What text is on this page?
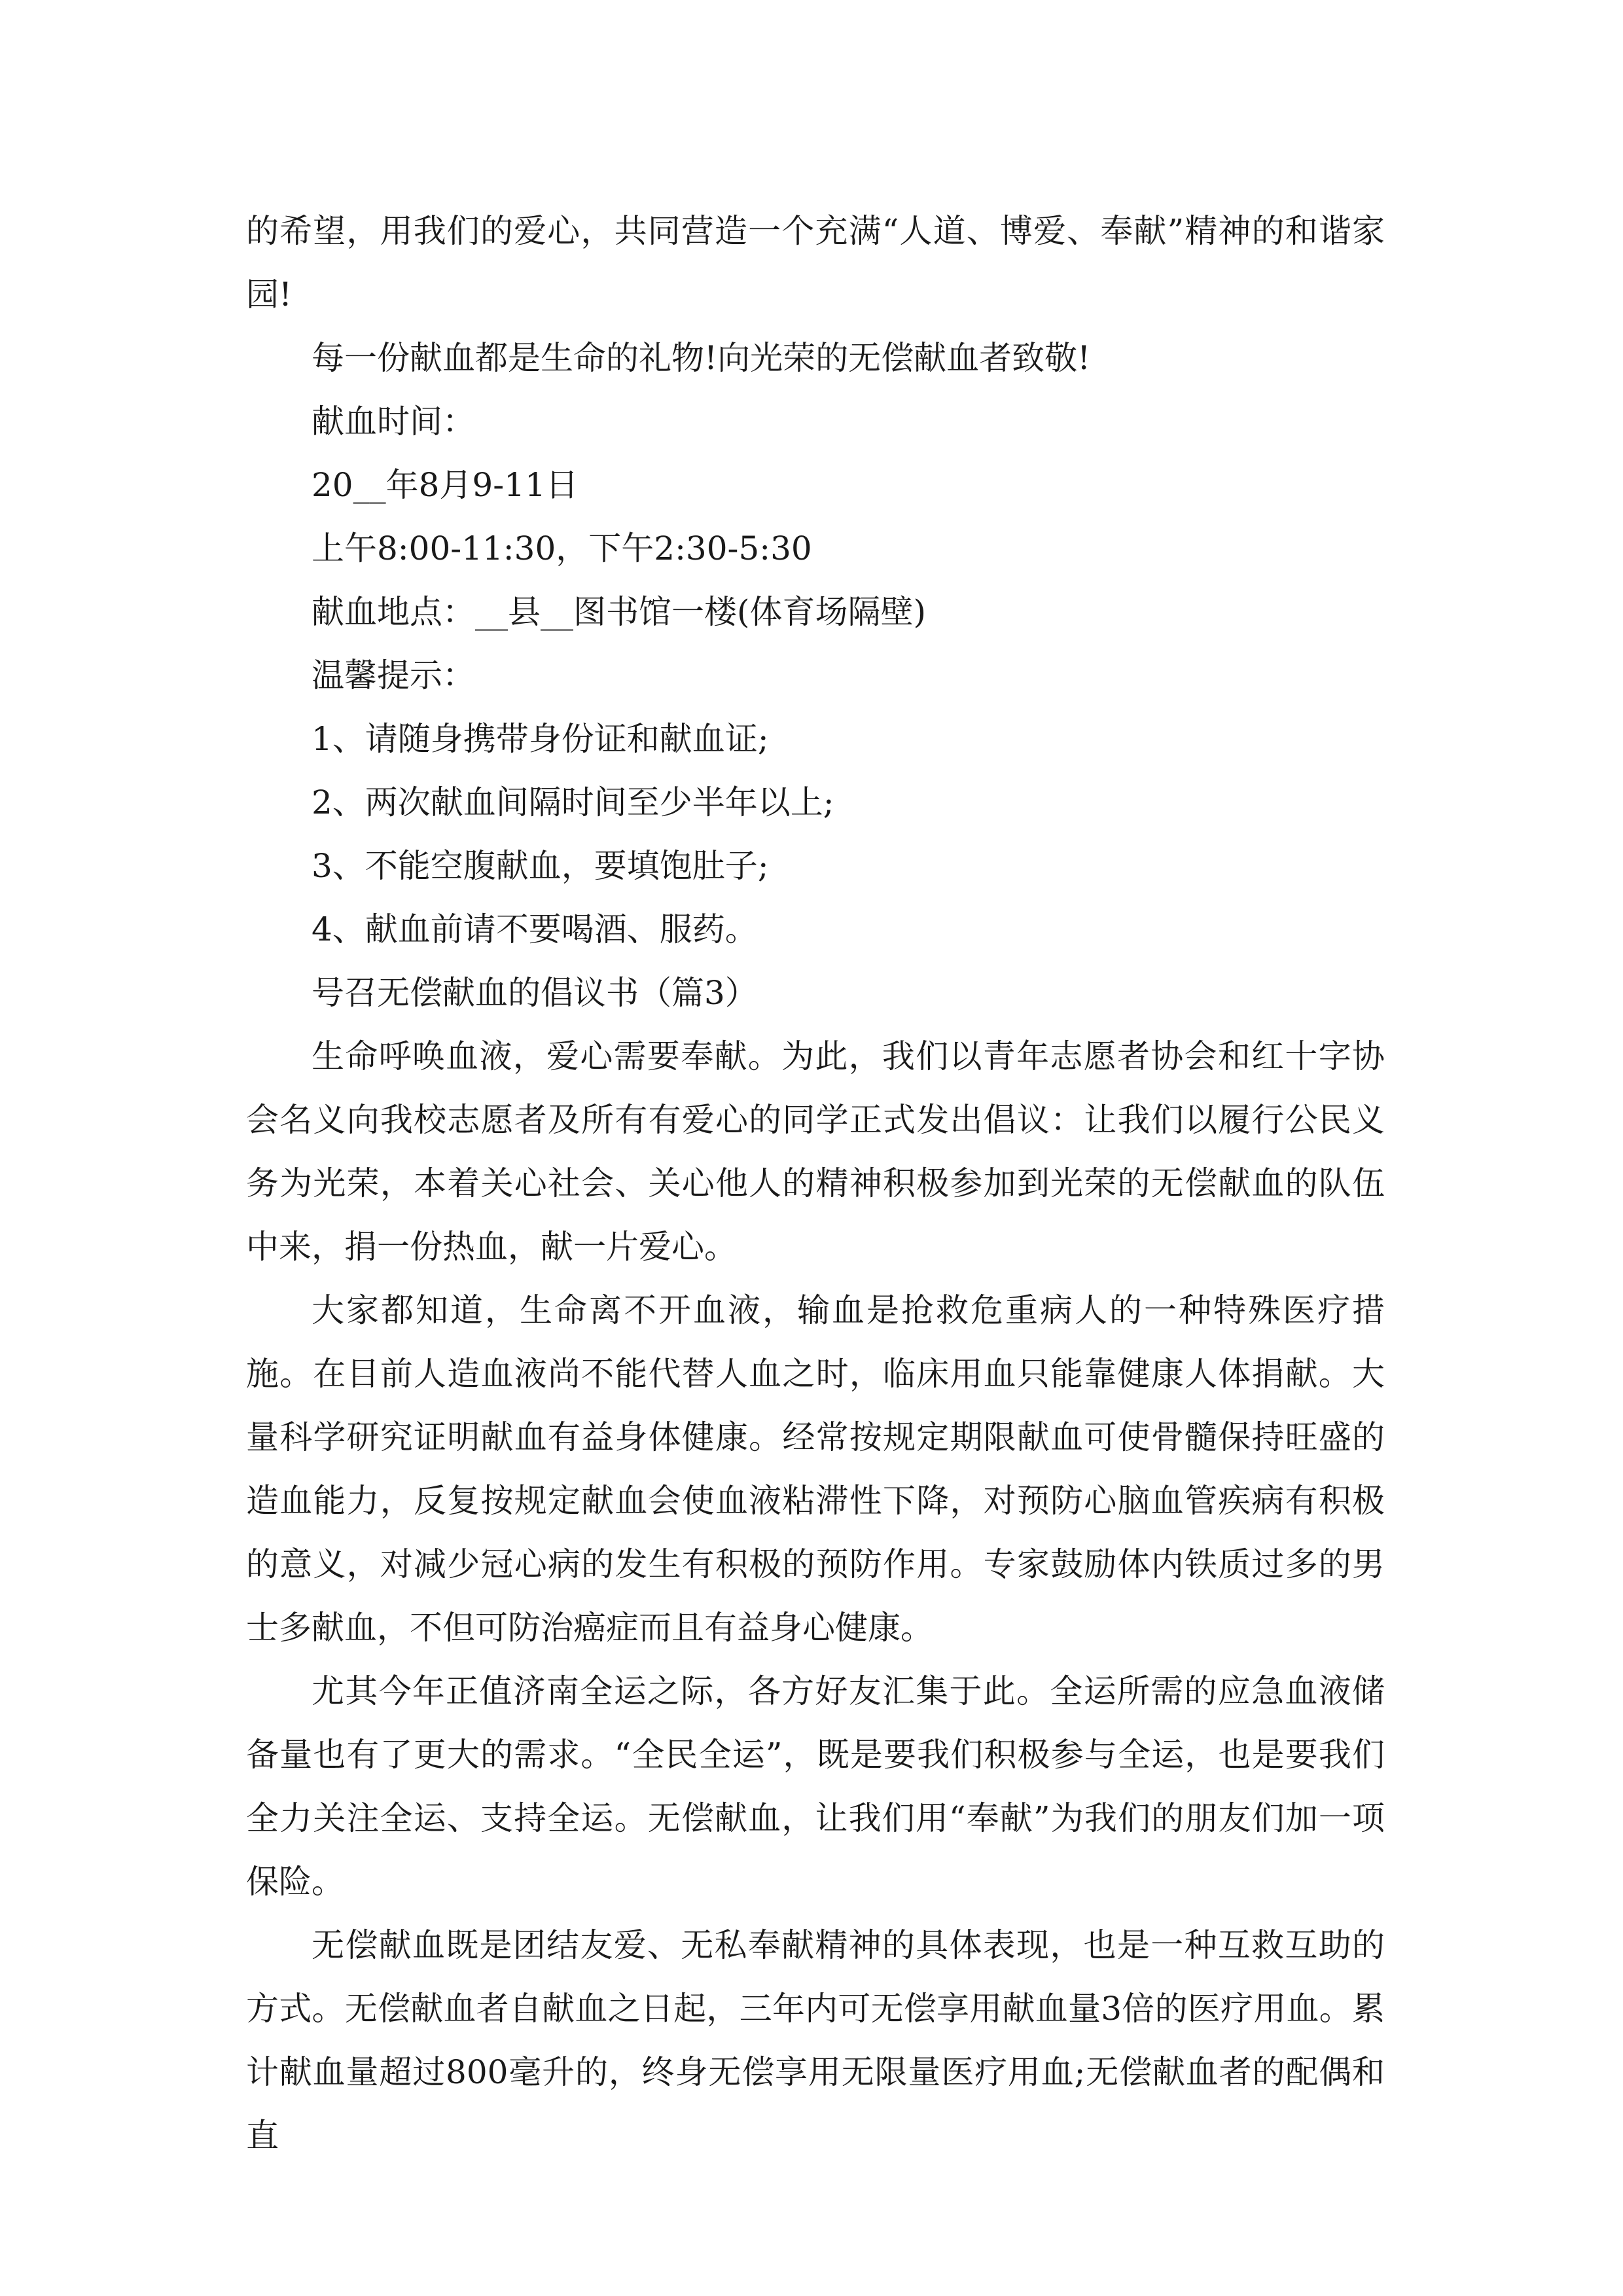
的希望，用我们的爱心，共同营造一个充满“人道、博爱、奉献”精神的和谐家园!

每一份献血都是生命的礼物!向光荣的无偿献血者致敬!

献血时间：

20__年8月9-11日

上午8:00-11:30，下午2:30-5:30

献血地点：__县__图书馆一楼(体育场隔壁)

温馨提示：

1、请随身携带身份证和献血证;

2、两次献血间隔时间至少半年以上;

3、不能空腹献血，要填饱肚子;

4、献血前请不要喝酒、服药。

号召无偿献血的倡议书（篇3）

生命呼唤血液，爱心需要奉献。为此，我们以青年志愿者协会和红十字协会名义向我校志愿者及所有有爱心的同学正式发出倡议：让我们以履行公民义务为光荣，本着关心社会、关心他人的精神积极参加到光荣的无偿献血的队伍中来，捐一份热血，献一片爱心。

大家都知道，生命离不开血液，输血是抢救危重病人的一种特殊医疗措施。在目前人造血液尚不能代替人血之时，临床用血只能靠健康人体捐献。大量科学研究证明献血有益身体健康。经常按规定期限献血可使骨髓保持旺盛的造血能力，反复按规定献血会使血液粘滞性下降，对预防心脑血管疾病有积极的意义，对减少冠心病的发生有积极的预防作用。专家鼓励体内铁质过多的男士多献血，不但可防治癌症而且有益身心健康。

尤其今年正值济南全运之际，各方好友汇集于此。全运所需的应急血液储备量也有了更大的需求。“全民全运”，既是要我们积极参与全运，也是要我们全力关注全运、支持全运。无偿献血，让我们用“奉献”为我们的朋友们加一项保险。

无偿献血既是团结友爱、无私奉献精神的具体表现，也是一种互救互助的方式。无偿献血者自献血之日起，三年内可无偿享用献血量3倍的医疗用血。累计献血量超过800毫升的，终身无偿享用无限量医疗用血;无偿献血者的配偶和直
